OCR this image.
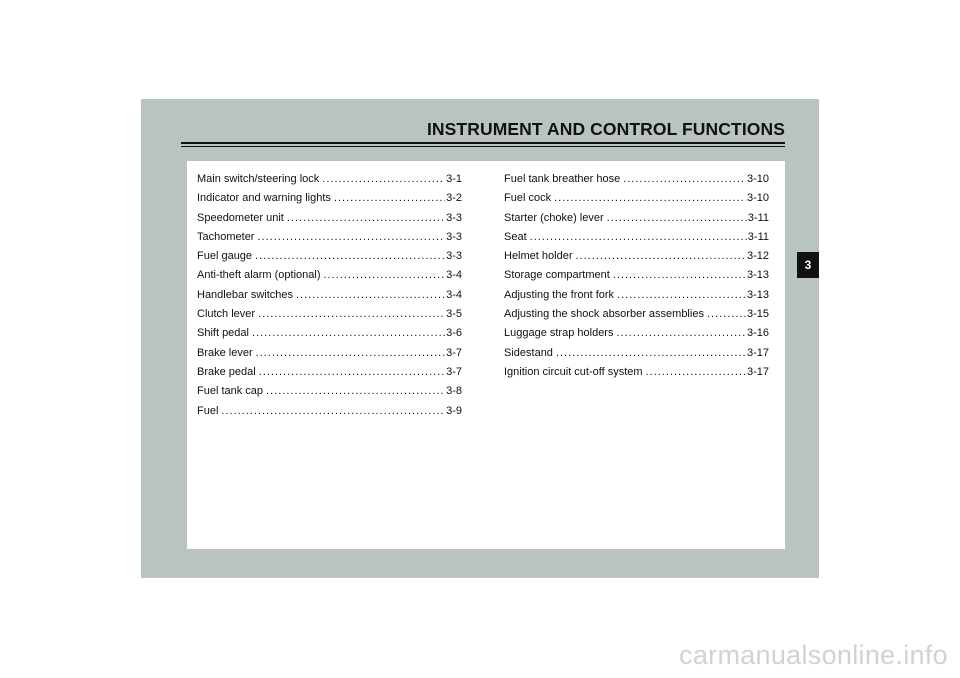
INSTRUMENT AND CONTROL FUNCTIONS
Main switch/steering lock .....	3-1
Indicator and warning lights .....	3-2
Speedometer unit .....	3-3
Tachometer .....	3-3
Fuel gauge .....	3-3
Anti-theft alarm (optional) .....	3-4
Handlebar switches .....	3-4
Clutch lever .....	3-5
Shift pedal .....	3-6
Brake lever .....	3-7
Brake pedal .....	3-7
Fuel tank cap .....	3-8
Fuel .....	3-9
Fuel tank breather hose .....	3-10
Fuel cock .....	3-10
Starter (choke) lever .....	3-11
Seat .....	3-11
Helmet holder .....	3-12
Storage compartment .....	3-13
Adjusting the front fork .....	3-13
Adjusting the shock absorber assemblies .....	3-15
Luggage strap holders .....	3-16
Sidestand .....	3-17
Ignition circuit cut-off system .....	3-17
3
carmanualsonline.info
